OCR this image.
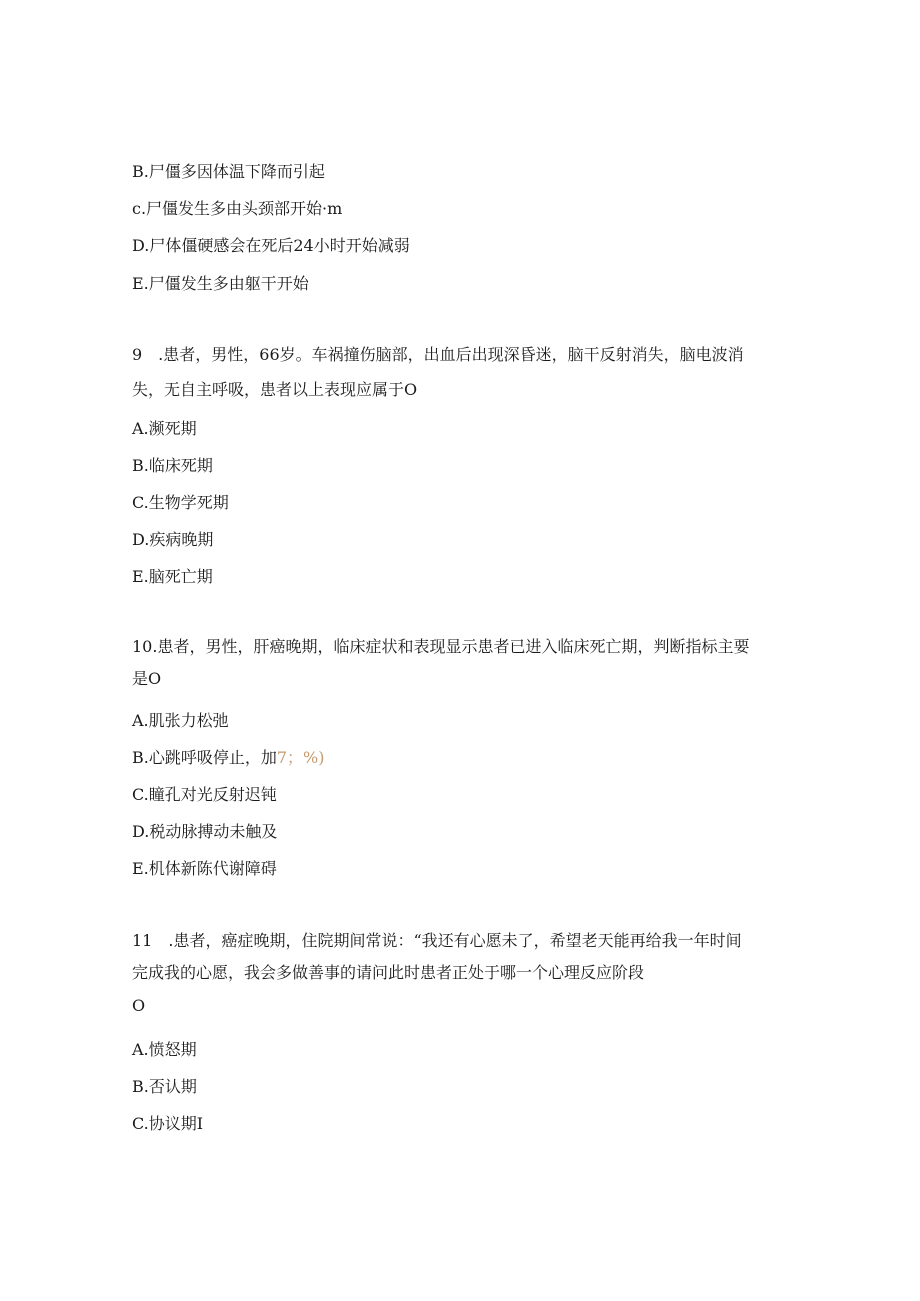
B.尸僵多因体温下降而引起
c.尸僵发生多由头颈部开始·m
D.尸体僵硬感会在死后24小时开始减弱
E.尸僵发生多由躯干开始
9　.患者，男性，66岁。车祸撞伤脑部，出血后出现深昏迷，脑干反射消失，脑电波消
失，无自主呼吸，患者以上表现应属于O
A.濒死期
B.临床死期
C.生物学死期
D.疾病晚期
E.脑死亡期
10.患者，男性，肝癌晚期，临床症状和表现显示患者已进入临床死亡期，判断指标主要
是O
A.肌张力松弛
B.心跳呼吸停止，加7；%)
C.瞳孔对光反射迟钝
D.税动脉搏动未触及
E.机体新陈代谢障碍
11　.患者，癌症晚期，住院期间常说：“我还有心愿未了，希望老天能再给我一年时间
完成我的心愿，我会多做善事的请问此时患者正处于哪一个心理反应阶段
O
A.愤怒期
B.否认期
C.协议期I
